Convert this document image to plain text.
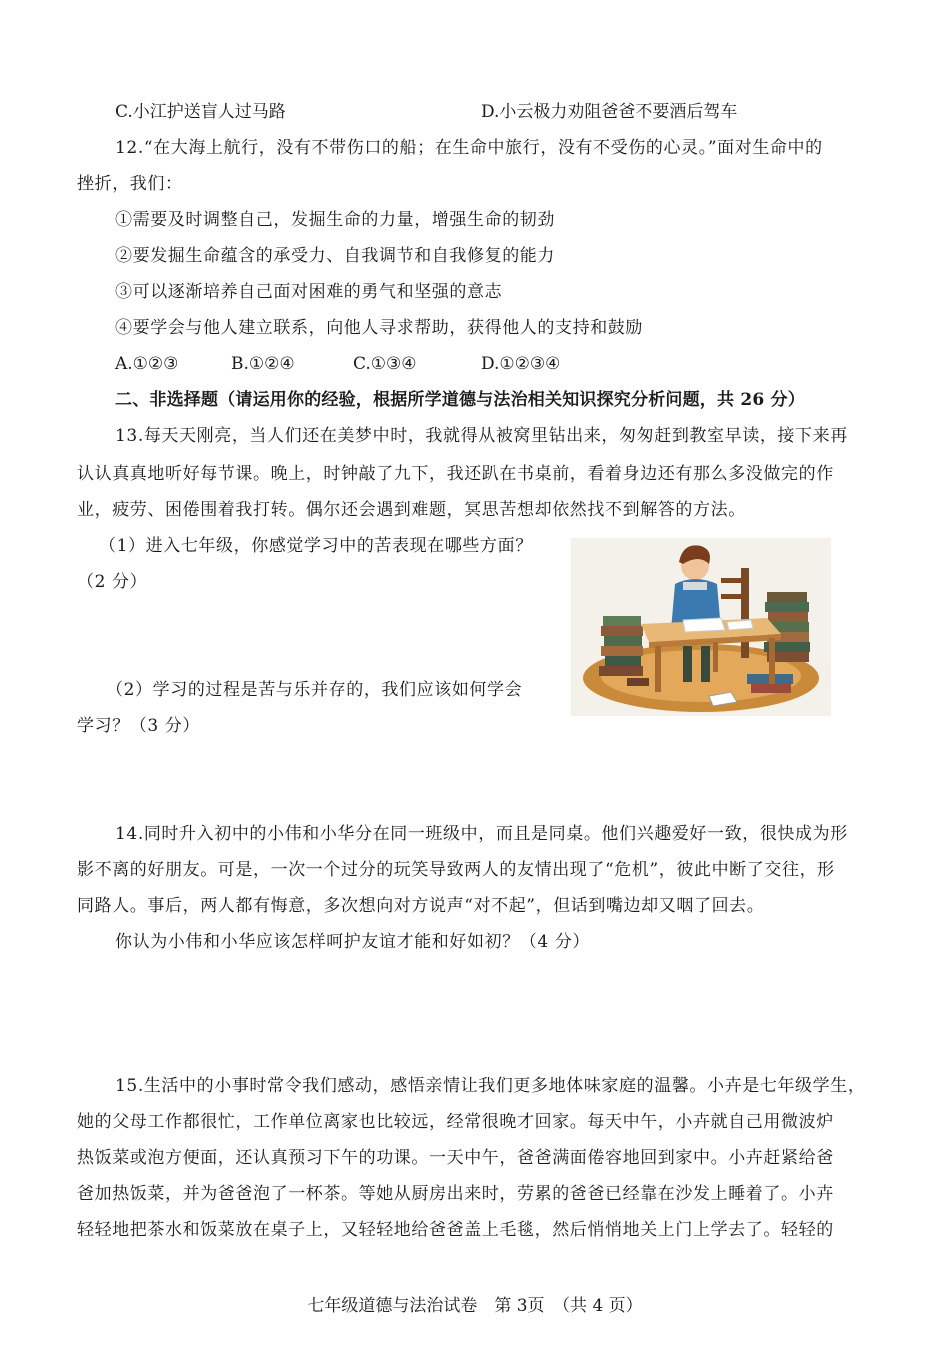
C.小江护送盲人过马路	D.小云极力劝阻爸爸不要酒后驾车
12.“在大海上航行，没有不带伤口的船；在生命中旅行，没有不受伤的心灵。”面对生命中的
挫折，我们：
①需要及时调整自己，发掘生命的力量，增强生命的韧劲
②要发掘生命蕴含的承受力、自我调节和自我修复的能力
③可以逐渐培养自己面对困难的勇气和坚强的意志
④要学会与他人建立联系，向他人寻求帮助，获得他人的支持和鼓励
A.①②③	B.①②④	C.①③④	D.①②③④
二、非选择题（请运用你的经验，根据所学道德与法治相关知识探究分析问题，共 26 分）
13.每天天刚亮，当人们还在美梦中时，我就得从被窝里钻出来，匆匆赶到教室早读，接下来再
认认真真地听好每节课。晚上，时钟敲了九下，我还趴在书桌前，看着身边还有那么多没做完的作
业，疲劳、困倦围着我打转。偶尔还会遇到难题，冥思苦想却依然找不到解答的方法。
（1）进入七年级，你感觉学习中的苦表现在哪些方面？
（2 分）
（2）学习的过程是苦与乐并存的，我们应该如何学会
学习？（3 分）
14.同时升入初中的小伟和小华分在同一班级中，而且是同桌。他们兴趣爱好一致，很快成为形
影不离的好朋友。可是，一次一个过分的玩笑导致两人的友情出现了“危机”，彼此中断了交往，形
同路人。事后，两人都有悔意，多次想向对方说声“对不起”，但话到嘴边却又咽了回去。
你认为小伟和小华应该怎样呵护友谊才能和好如初？（4 分）
15.生活中的小事时常令我们感动，感悟亲情让我们更多地体味家庭的温馨。小卉是七年级学生，
她的父母工作都很忙，工作单位离家也比较远，经常很晚才回家。每天中午，小卉就自己用微波炉
热饭菜或泡方便面，还认真预习下午的功课。一天中午，爸爸满面倦容地回到家中。小卉赶紧给爸
爸加热饭菜，并为爸爸泡了一杯茶。等她从厨房出来时，劳累的爸爸已经靠在沙发上睡着了。小卉
轻轻地把茶水和饭菜放在桌子上，又轻轻地给爸爸盖上毛毯，然后悄悄地关上门上学去了。轻轻的
七年级道德与法治试卷　第 3页　（共 4 页）
